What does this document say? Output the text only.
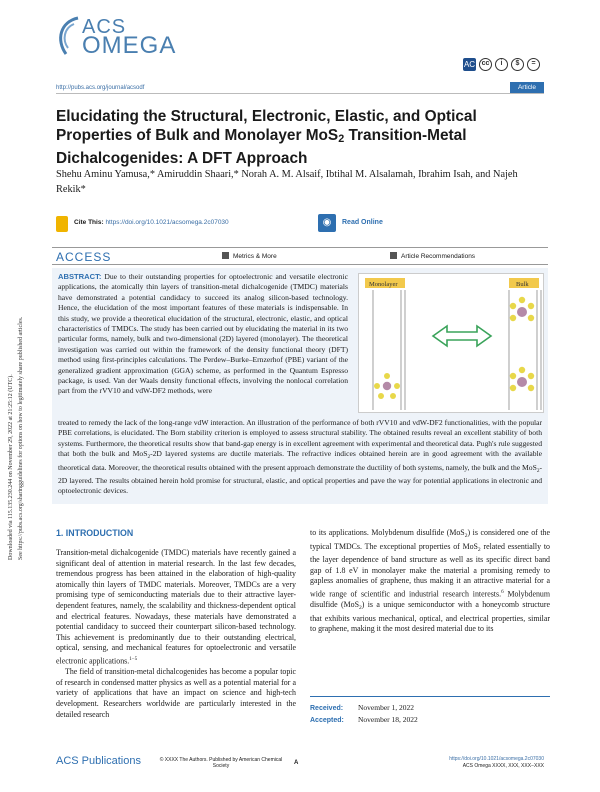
ACS
OMEGA
AC cc	i	$	=
http://pubs.acs.org/journal/acsodf	Article
Elucidating the Structural, Electronic, Elastic, and Optical Properties of Bulk and Monolayer MoS$_2$ Transition-Metal Dichalcogenides: A DFT Approach
Shehu Aminu Yamusa,* Amiruddin Shaari,* Norah A. M. Alsaif, Ibtihal M. Alsalamah, Ibrahim Isah, and Najeh Rekik*
Cite This: https://doi.org/10.1021/acsomega.2c07030	◉	Read Online
ACCESS	Metrics & More	Article Recommendations
ABSTRACT: Due to their outstanding properties for optoelectronic and versatile electronic applications, the atomically thin layers of transition-metal dichalcogenide (TMDC) materials have demonstrated a potential candidacy to succeed its analog silicon-based technology. Hence, the elucidation of the most important features of these materials is indispensable. In this study, we provide a theoretical elucidation of the structural, electronic, elastic, and optical characteristics of TMDCs. The study has been carried out by elucidating the material in its two particular forms, namely, bulk and two-dimensional (2D) layered (monolayer). The theoretical investigation was carried out within the framework of the density functional theory (DFT) method using first-principles calculations. The Perdew–Burke–Ernzerhof (PBE) variant of the generalized gradient approximation (GGA) scheme, as performed in the Quantum Espresso package, is used. Van der Waals density functional effects, involving the nonlocal correlation part from the rVV10 and vdW-DF2 methods, were
treated to remedy the lack of the long-range vdW interaction. An illustration of the performance of both rVV10 and vdW-DF2 functionalities, with the popular PBE correlations, is elucidated. The Born stability criterion is employed to assess structural stability. The obtained results reveal an excellent stability of both systems. Furthermore, the theoretical results show that band-gap energy is in excellent agreement with experimental and theoretical data. Pugh's rule suggested that both the bulk and MoS$_2$-2D layered systems are ductile materials. The refractive indices obtained herein are in good agreement with the available theoretical data. Moreover, the theoretical results obtained with the present approach demonstrate the ductility of both systems, namely, the bulk and the MoS$_2$-2D layered. The results obtained herein hold promise for structural, elastic, and optical properties and pave the way for potential applications in electronic and optoelectronic devices.
Monolayer	Bulk
Downloaded via 115.135.230.244 on November 29, 2022 at 21:25:12 (UTC). See https://pubs.acs.org/sharingguidelines for options on how to legitimately share published articles.	1. INTRODUCTION

Transition-metal dichalcogenide (TMDC) materials have recently gained a significant deal of attention in material research. In the last few decades, tremendous progress has been attained in the elaboration of high-quality atomically thin layers of TMDC materials. Moreover, TMDCs are a very promising type of semiconducting materials due to their attractive layer-dependent features, namely, the scalability and thickness-dependent optical and electrical features. Nowadays, these materials have demonstrated a potential candidacy to succeed their counterpart silicon-based technology. This achievement is predominantly due to their outstanding electrical, optical, sensing, and mechanical features for optoelectronic and versatile electronic applications.$^{1-5}$

The field of transition-metal dichalcogenides has become a popular topic of research in condensed matter physics as well as a potential material for a variety of applications that have an impact on science and high-tech development. Researchers worldwide are particularly interested in the detailed research

to its applications. Molybdenum disulfide (MoS$_2$) is considered one of the typical TMDCs. The exceptional properties of MoS$_2$ related essentially to the layer dependence of band structure as well as its specific direct band gap of 1.8 eV in monolayer make the material a promising remedy to gapless anomalies of graphene, thus making it an attractive material for a wide range of scientific and industrial research interests.$^6$ Molybdenum disulfide (MoS$_2$) is a unique semiconductor with a honeycomb structure that exhibits various mechanical, optical, and electrical properties, similar to graphene, making it the most desired material due to its

Received: November 1, 2022
Accepted: November 18, 2022
ACS Publications	© XXXX The Authors. Published by American Chemical Society	A
https://doi.org/10.1021/acsomega.2c07030
ACS Omega XXXX, XXX, XXX−XXX
